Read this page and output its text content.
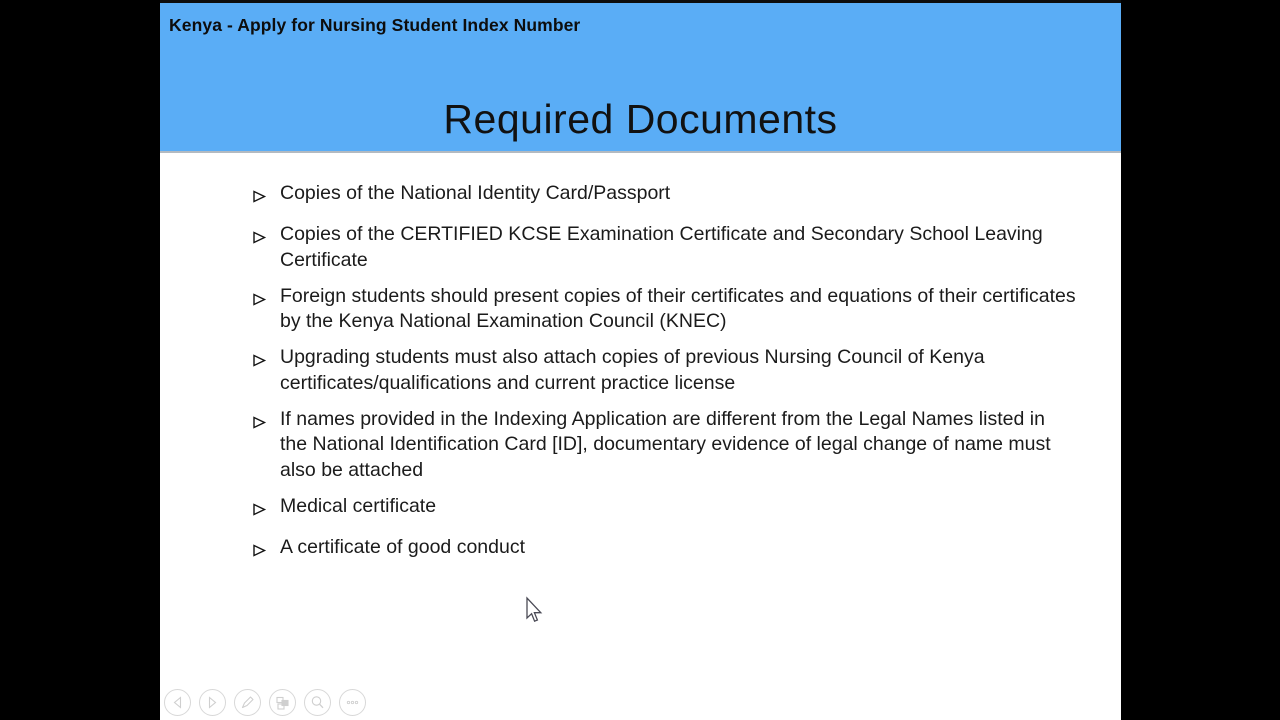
Kenya - Apply for Nursing Student Index Number
Required Documents
Copies of the National Identity Card/Passport
Copies of the CERTIFIED KCSE Examination Certificate and Secondary School Leaving Certificate
Foreign students should present copies of their certificates and equations of their certificates by the Kenya National Examination Council (KNEC)
Upgrading students must also attach copies of previous Nursing Council of Kenya certificates/qualifications and current practice license
If names provided in the Indexing Application are different from the Legal Names listed in the National Identification Card [ID], documentary evidence of legal change of name must also be attached
Medical certificate
A certificate of good conduct
